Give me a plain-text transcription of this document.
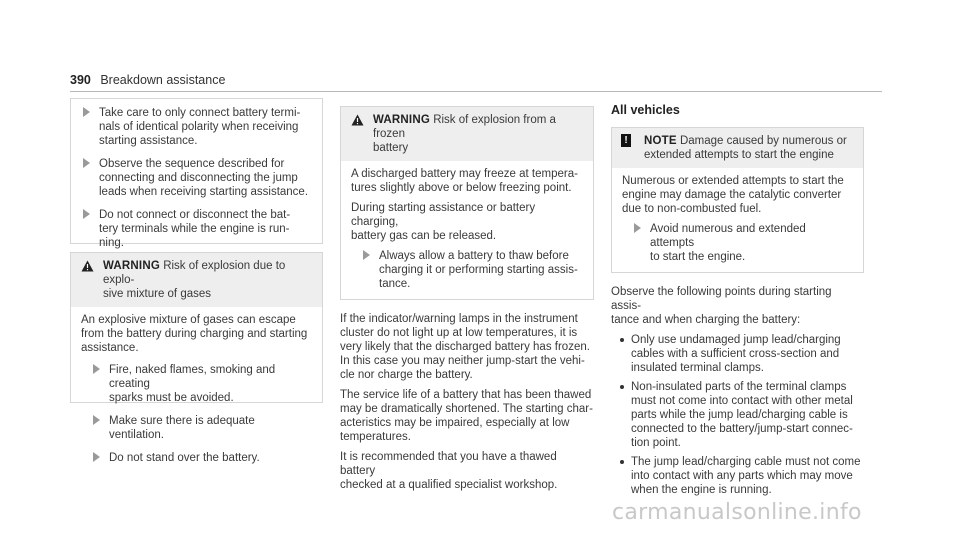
390 Breakdown assistance
Take care to only connect battery termi-
nals of identical polarity when receiving
starting assistance.
Observe the sequence described for
connecting and disconnecting the jump
leads when receiving starting assistance.
Do not connect or disconnect the bat-
tery terminals while the engine is run-
ning.
WARNING Risk of explosion due to explo-
sive mixture of gases

An explosive mixture of gases can escape
from the battery during charging and starting
assistance.

Fire, naked flames, smoking and creating
sparks must be avoided.
Make sure there is adequate ventilation.
Do not stand over the battery.
WARNING Risk of explosion from a frozen
battery

A discharged battery may freeze at tempera-
tures slightly above or below freezing point.

During starting assistance or battery charging,
battery gas can be released.

Always allow a battery to thaw before
charging it or performing starting assis-
tance.

If the indicator/warning lamps in the instrument
cluster do not light up at low temperatures, it is
very likely that the discharged battery has frozen.
In this case you may neither jump-start the vehi-
cle nor charge the battery.

The service life of a battery that has been thawed
may be dramatically shortened. The starting char-
acteristics may be impaired, especially at low
temperatures.

It is recommended that you have a thawed battery
checked at a qualified specialist workshop.

All vehicles
!	NOTE Damage caused by numerous or
extended attempts to start the engine

Numerous or extended attempts to start the
engine may damage the catalytic converter
due to non-combusted fuel.

Avoid numerous and extended attempts
to start the engine.

Observe the following points during starting assis-
tance and when charging the battery:

Only use undamaged jump lead/charging
cables with a sufficient cross-section and
insulated terminal clamps.
Non-insulated parts of the terminal clamps
must not come into contact with other metal
parts while the jump lead/charging cable is
connected to the battery/jump-start connec-
tion point.
The jump lead/charging cable must not come
into contact with any parts which may move
when the engine is running.
carmanualsonline.info
